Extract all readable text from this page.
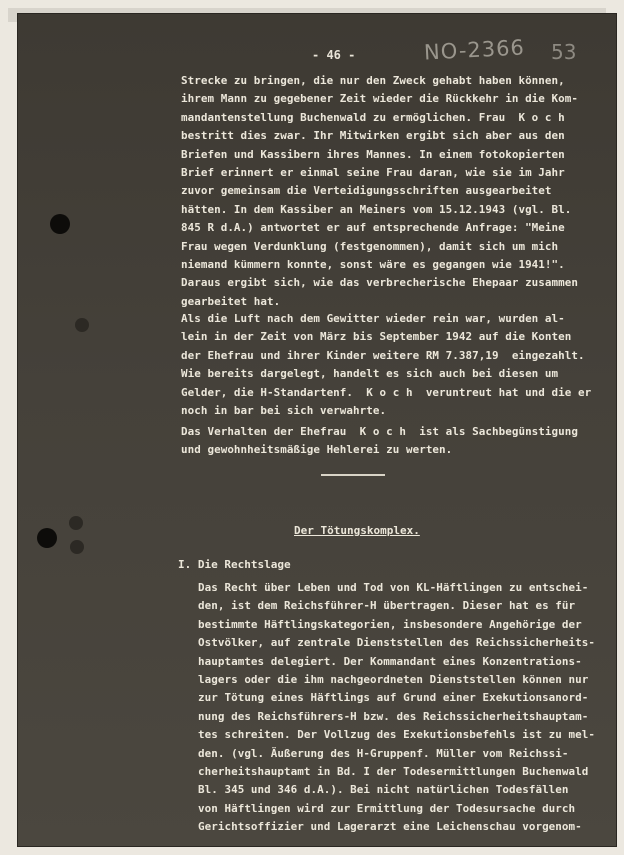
- 46 -	NO-2366 53
Strecke zu bringen, die nur den Zweck gehabt haben können,
ihrem Mann zu gegebener Zeit wieder die Rückkehr in die Kom-
mandantenstellung Buchenwald zu ermöglichen. Frau  K o c h
bestritt dies zwar. Ihr Mitwirken ergibt sich aber aus den
Briefen und Kassibern ihres Mannes. In einem fotokopierten
Brief erinnert er einmal seine Frau daran, wie sie im Jahr
zuvor gemeinsam die Verteidigungsschriften ausgearbeitet
hätten. In dem Kassiber an Meiners vom 15.12.1943 (vgl. Bl.
845 R d.A.) antwortet er auf entsprechende Anfrage: "Meine
Frau wegen Verdunklung (festgenommen), damit sich um mich
niemand kümmern konnte, sonst wäre es gegangen wie 1941!".
Daraus ergibt sich, wie das verbrecherische Ehepaar zusammen
gearbeitet hat.
Als die Luft nach dem Gewitter wieder rein war, wurden al-
lein in der Zeit von März bis September 1942 auf die Konten
der Ehefrau und ihrer Kinder weitere RM 7.387,19  eingezahlt.
Wie bereits dargelegt, handelt es sich auch bei diesen um
Gelder, die H-Standartenf.  K o c h  veruntreut hat und die er
noch in bar bei sich verwahrte.
Das Verhalten der Ehefrau  K o c h  ist als Sachbegünstigung
und gewohnheitsmäßige Hehlerei zu werten.
Der Tötungskomplex.
I. Die Rechtslage
Das Recht über Leben und Tod von KL-Häftlingen zu entschei-
den, ist dem Reichsführer-H übertragen. Dieser hat es für
bestimmte Häftlingskategorien, insbesondere Angehörige der
Ostvölker, auf zentrale Dienststellen des Reichssicherheits-
hauptamtes delegiert. Der Kommandant eines Konzentrations-
lagers oder die ihm nachgeordneten Dienststellen können nur
zur Tötung eines Häftlings auf Grund einer Exekutionsanord-
nung des Reichsführers-H bzw. des Reichssicherheitshauptam-
tes schreiten. Der Vollzug des Exekutionsbefehls ist zu mel-
den. (vgl. Äußerung des H-Gruppenf. Müller vom Reichssi-
cherheitshauptamt in Bd. I der Todesermittlungen Buchenwald
Bl. 345 und 346 d.A.). Bei nicht natürlichen Todesfällen
von Häftlingen wird zur Ermittlung der Todesursache durch
Gerichtsoffizier und Lagerarzt eine Leichenschau vorgenom-
